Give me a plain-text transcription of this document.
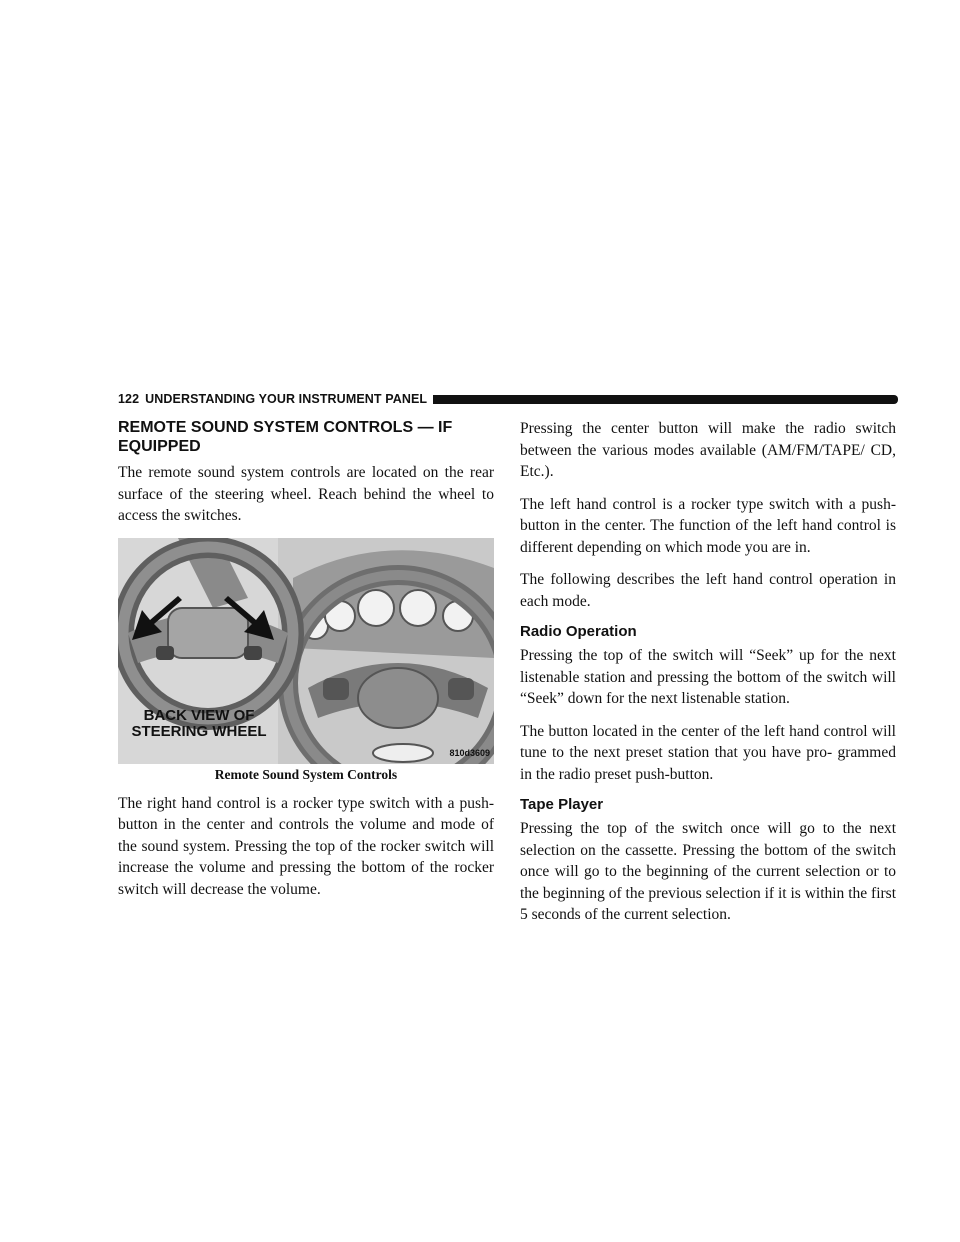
122 UNDERSTANDING YOUR INSTRUMENT PANEL
REMOTE SOUND SYSTEM CONTROLS — IF EQUIPPED

The remote sound system controls are located on the rear surface of the steering wheel. Reach behind the wheel to access the switches.

BACK VIEW OF
STEERING WHEEL
810d3609
Remote Sound System Controls

The right hand control is a rocker type switch with a push-button in the center and controls the volume and mode of the sound system. Pressing the top of the rocker switch will increase the volume and pressing the bottom of the rocker switch will decrease the volume.

Pressing the center button will make the radio switch between the various modes available (AM/FM/TAPE/ CD, Etc.).

The left hand control is a rocker type switch with a push-button in the center. The function of the left hand control is different depending on which mode you are in.

The following describes the left hand control operation in each mode.

Radio Operation

Pressing the top of the switch will “Seek” up for the next listenable station and pressing the bottom of the switch will “Seek” down for the next listenable station.

The button located in the center of the left hand control will tune to the next preset station that you have pro- grammed in the radio preset push-button.

Tape Player

Pressing the top of the switch once will go to the next selection on the cassette. Pressing the bottom of the switch once will go to the beginning of the current selection or to the beginning of the previous selection if it is within the first 5 seconds of the current selection.
